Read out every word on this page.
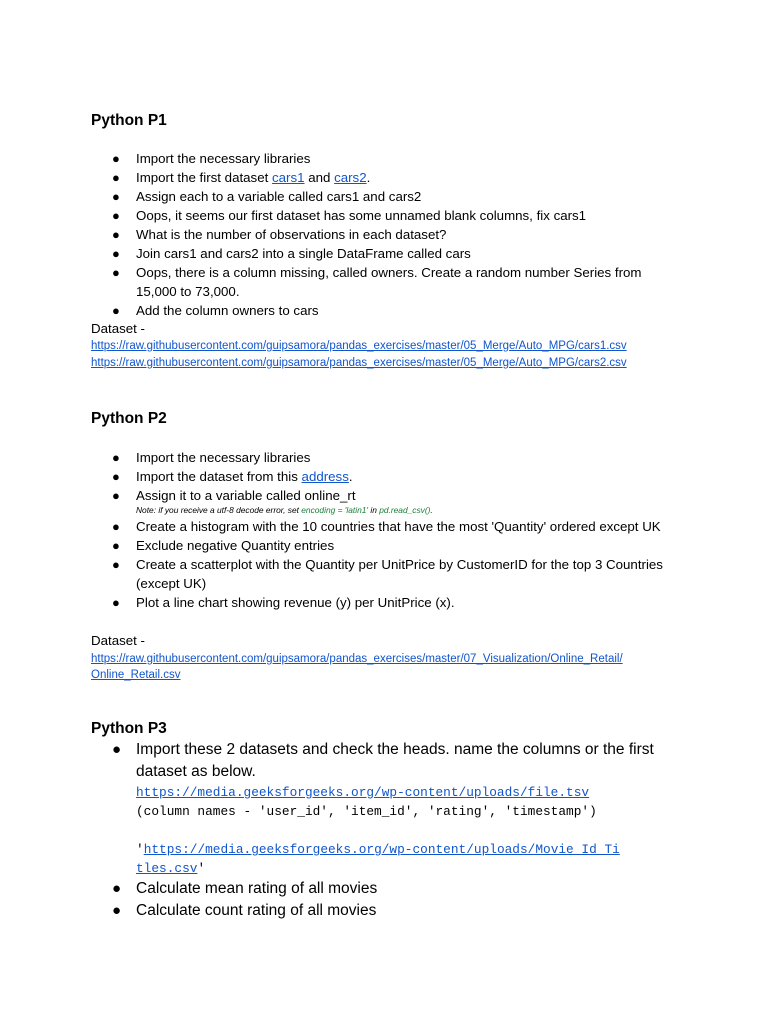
Python P1
● Import the necessary libraries
● Import the first dataset cars1 and cars2.
● Assign each to a variable called cars1 and cars2
● Oops, it seems our first dataset has some unnamed blank columns, fix cars1
● What is the number of observations in each dataset?
● Join cars1 and cars2 into a single DataFrame called cars
● Oops, there is a column missing, called owners. Create a random number Series from 15,000 to 73,000.
● Add the column owners to cars

Dataset -

https://raw.githubusercontent.com/guipsamora/pandas_exercises/master/05_Merge/Auto_MPG/cars1.csv
https://raw.githubusercontent.com/guipsamora/pandas_exercises/master/05_Merge/Auto_MPG/cars2.csv
Python P2
● Import the necessary libraries
● Import the dataset from this address.
● Assign it to a variable called online_rt
Note: if you receive a utf-8 decode error, set encoding = 'latin1' in pd.read_csv().
● Create a histogram with the 10 countries that have the most 'Quantity' ordered except UK
● Exclude negative Quantity entries
● Create a scatterplot with the Quantity per UnitPrice by CustomerID for the top 3 Countries (except UK)
● Plot a line chart showing revenue (y) per UnitPrice (x).

Dataset -

https://raw.githubusercontent.com/guipsamora/pandas_exercises/master/07_Visualization/Online_Retail/
Online_Retail.csv
Python P3
● Import these 2 datasets and check the heads. name the columns or the first dataset as below.
https://media.geeksforgeeks.org/wp-content/uploads/file.tsv
(column names - 'user_id', 'item_id', 'rating', 'timestamp')
'https://media.geeksforgeeks.org/wp-content/uploads/Movie_Id_Ti
tles.csv'
● Calculate mean rating of all movies
● Calculate count rating of all movies
